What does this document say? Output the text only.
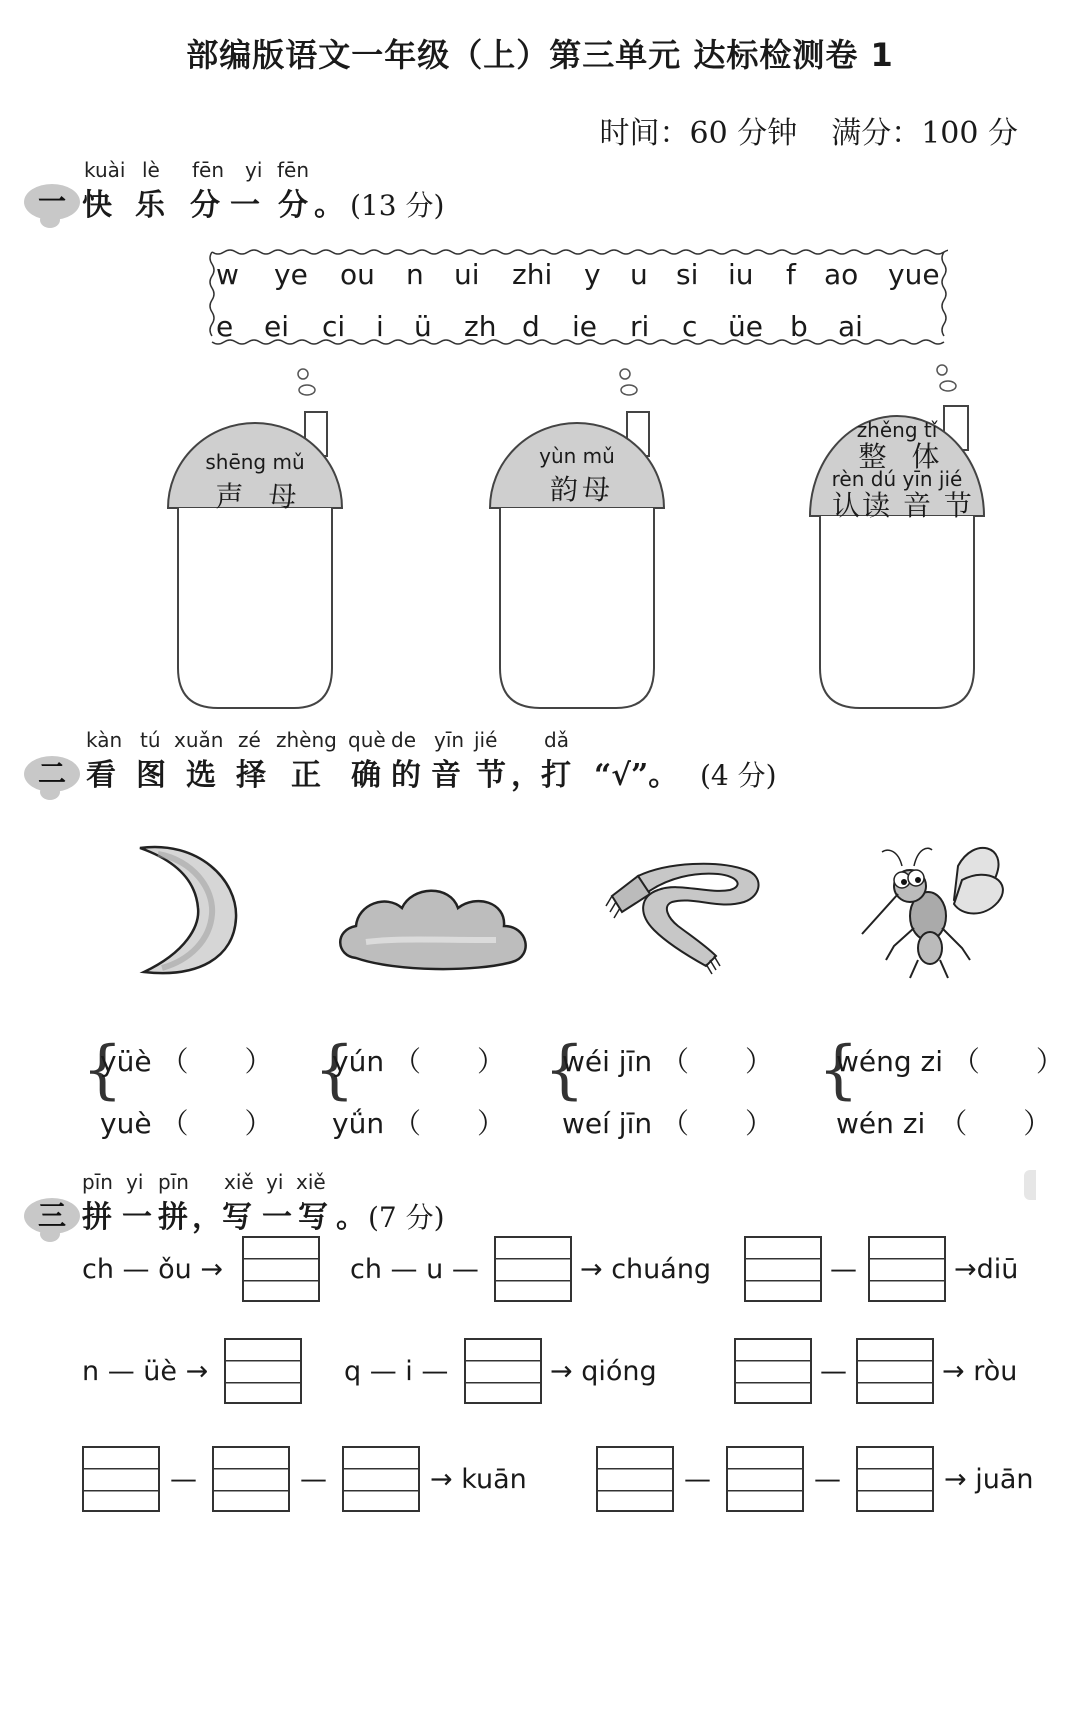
部编版语文一年级（上）第三单元 达标检测卷 1
时间：60 分钟 满分：100 分
一
kuài lè fēn yi fēn
快 乐 分 一 分 。 (13 分)
w ye ou n ui zhi y u si iu f ao yue
e ei ci i ü zh d ie ri c üe b ai
shēng mǔ
声 母
yùn mǔ
韵母
zhěng tǐ
整 体
rèn dú yīn jié
认读 音 节
二
kàn tú xuǎn zé zhèng què de yīn jié dǎ
看 图 选 择 正 确 的 音 节 ， 打 “√”。 (4 分)
{
yüè （　　）
yuè （　　）
{
yún （　　）
yǘn （　　）
{
wéi jīn （　　）
weí jīn （　　）
{
wéng zi （　　）
wén zi　（　　）
三
pīn yi pīn xiě yi xiě
拼 一 拼 ， 写 一 写 。 (7 分)
ch — ǒu →	ch — u —	→ chuáng	—	→diū
n — üè →	q — i —	→ qióng	—	→ ròu
—	—	→ kuān	—	—	→ juān
